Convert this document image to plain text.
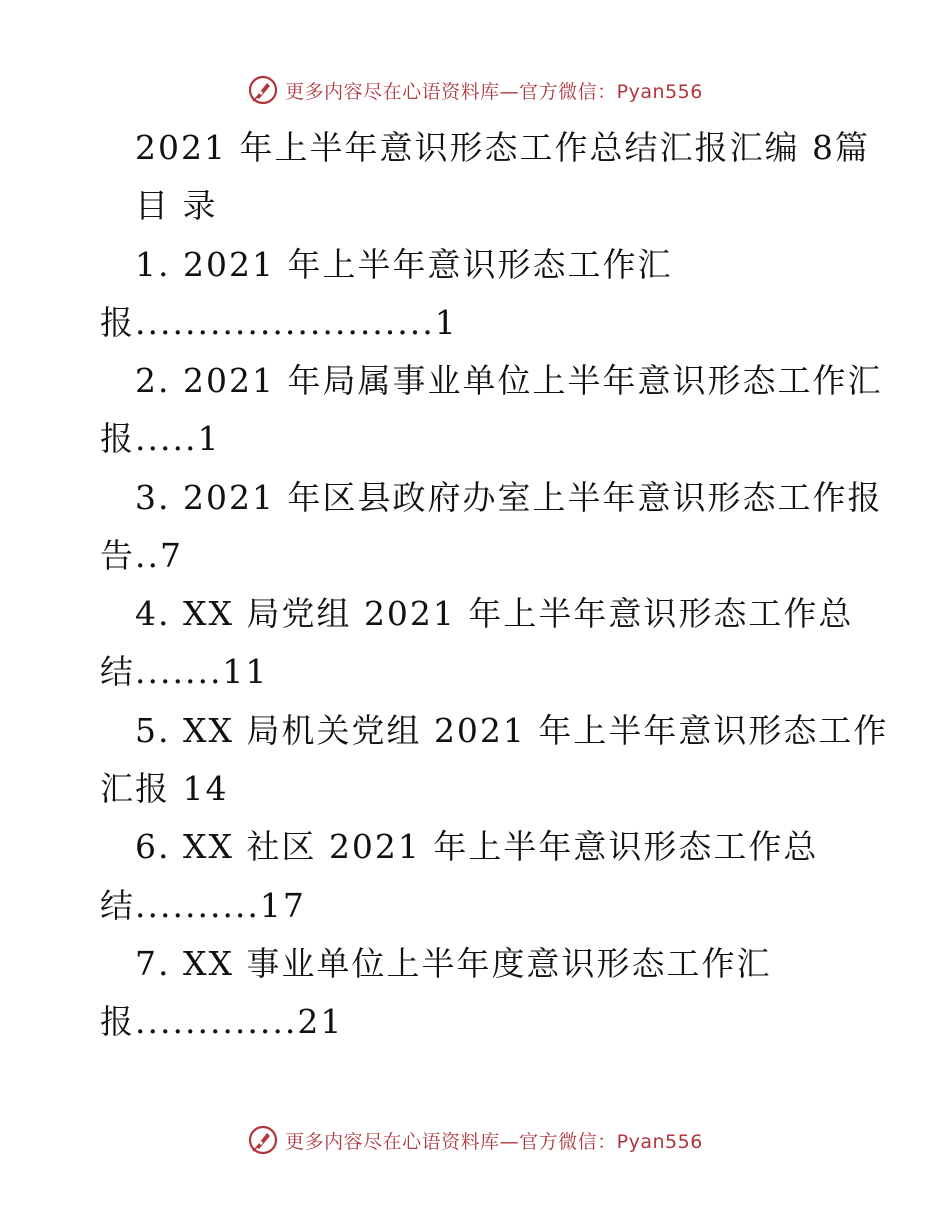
更多内容尽在心语资料库—官方微信：Pyan556
2021 年上半年意识形态工作总结汇报汇编 8篇
目 录
1. 2021 年上半年意识形态工作汇
报........................1
2. 2021 年局属事业单位上半年意识形态工作汇
报.....1
3. 2021 年区县政府办室上半年意识形态工作报
告..7
4. XX 局党组 2021 年上半年意识形态工作总
结.......11
5. XX 局机关党组 2021 年上半年意识形态工作
汇报 14
6. XX 社区 2021 年上半年意识形态工作总
结..........17
7. XX 事业单位上半年度意识形态工作汇
报.............21
更多内容尽在心语资料库—官方微信：Pyan556
